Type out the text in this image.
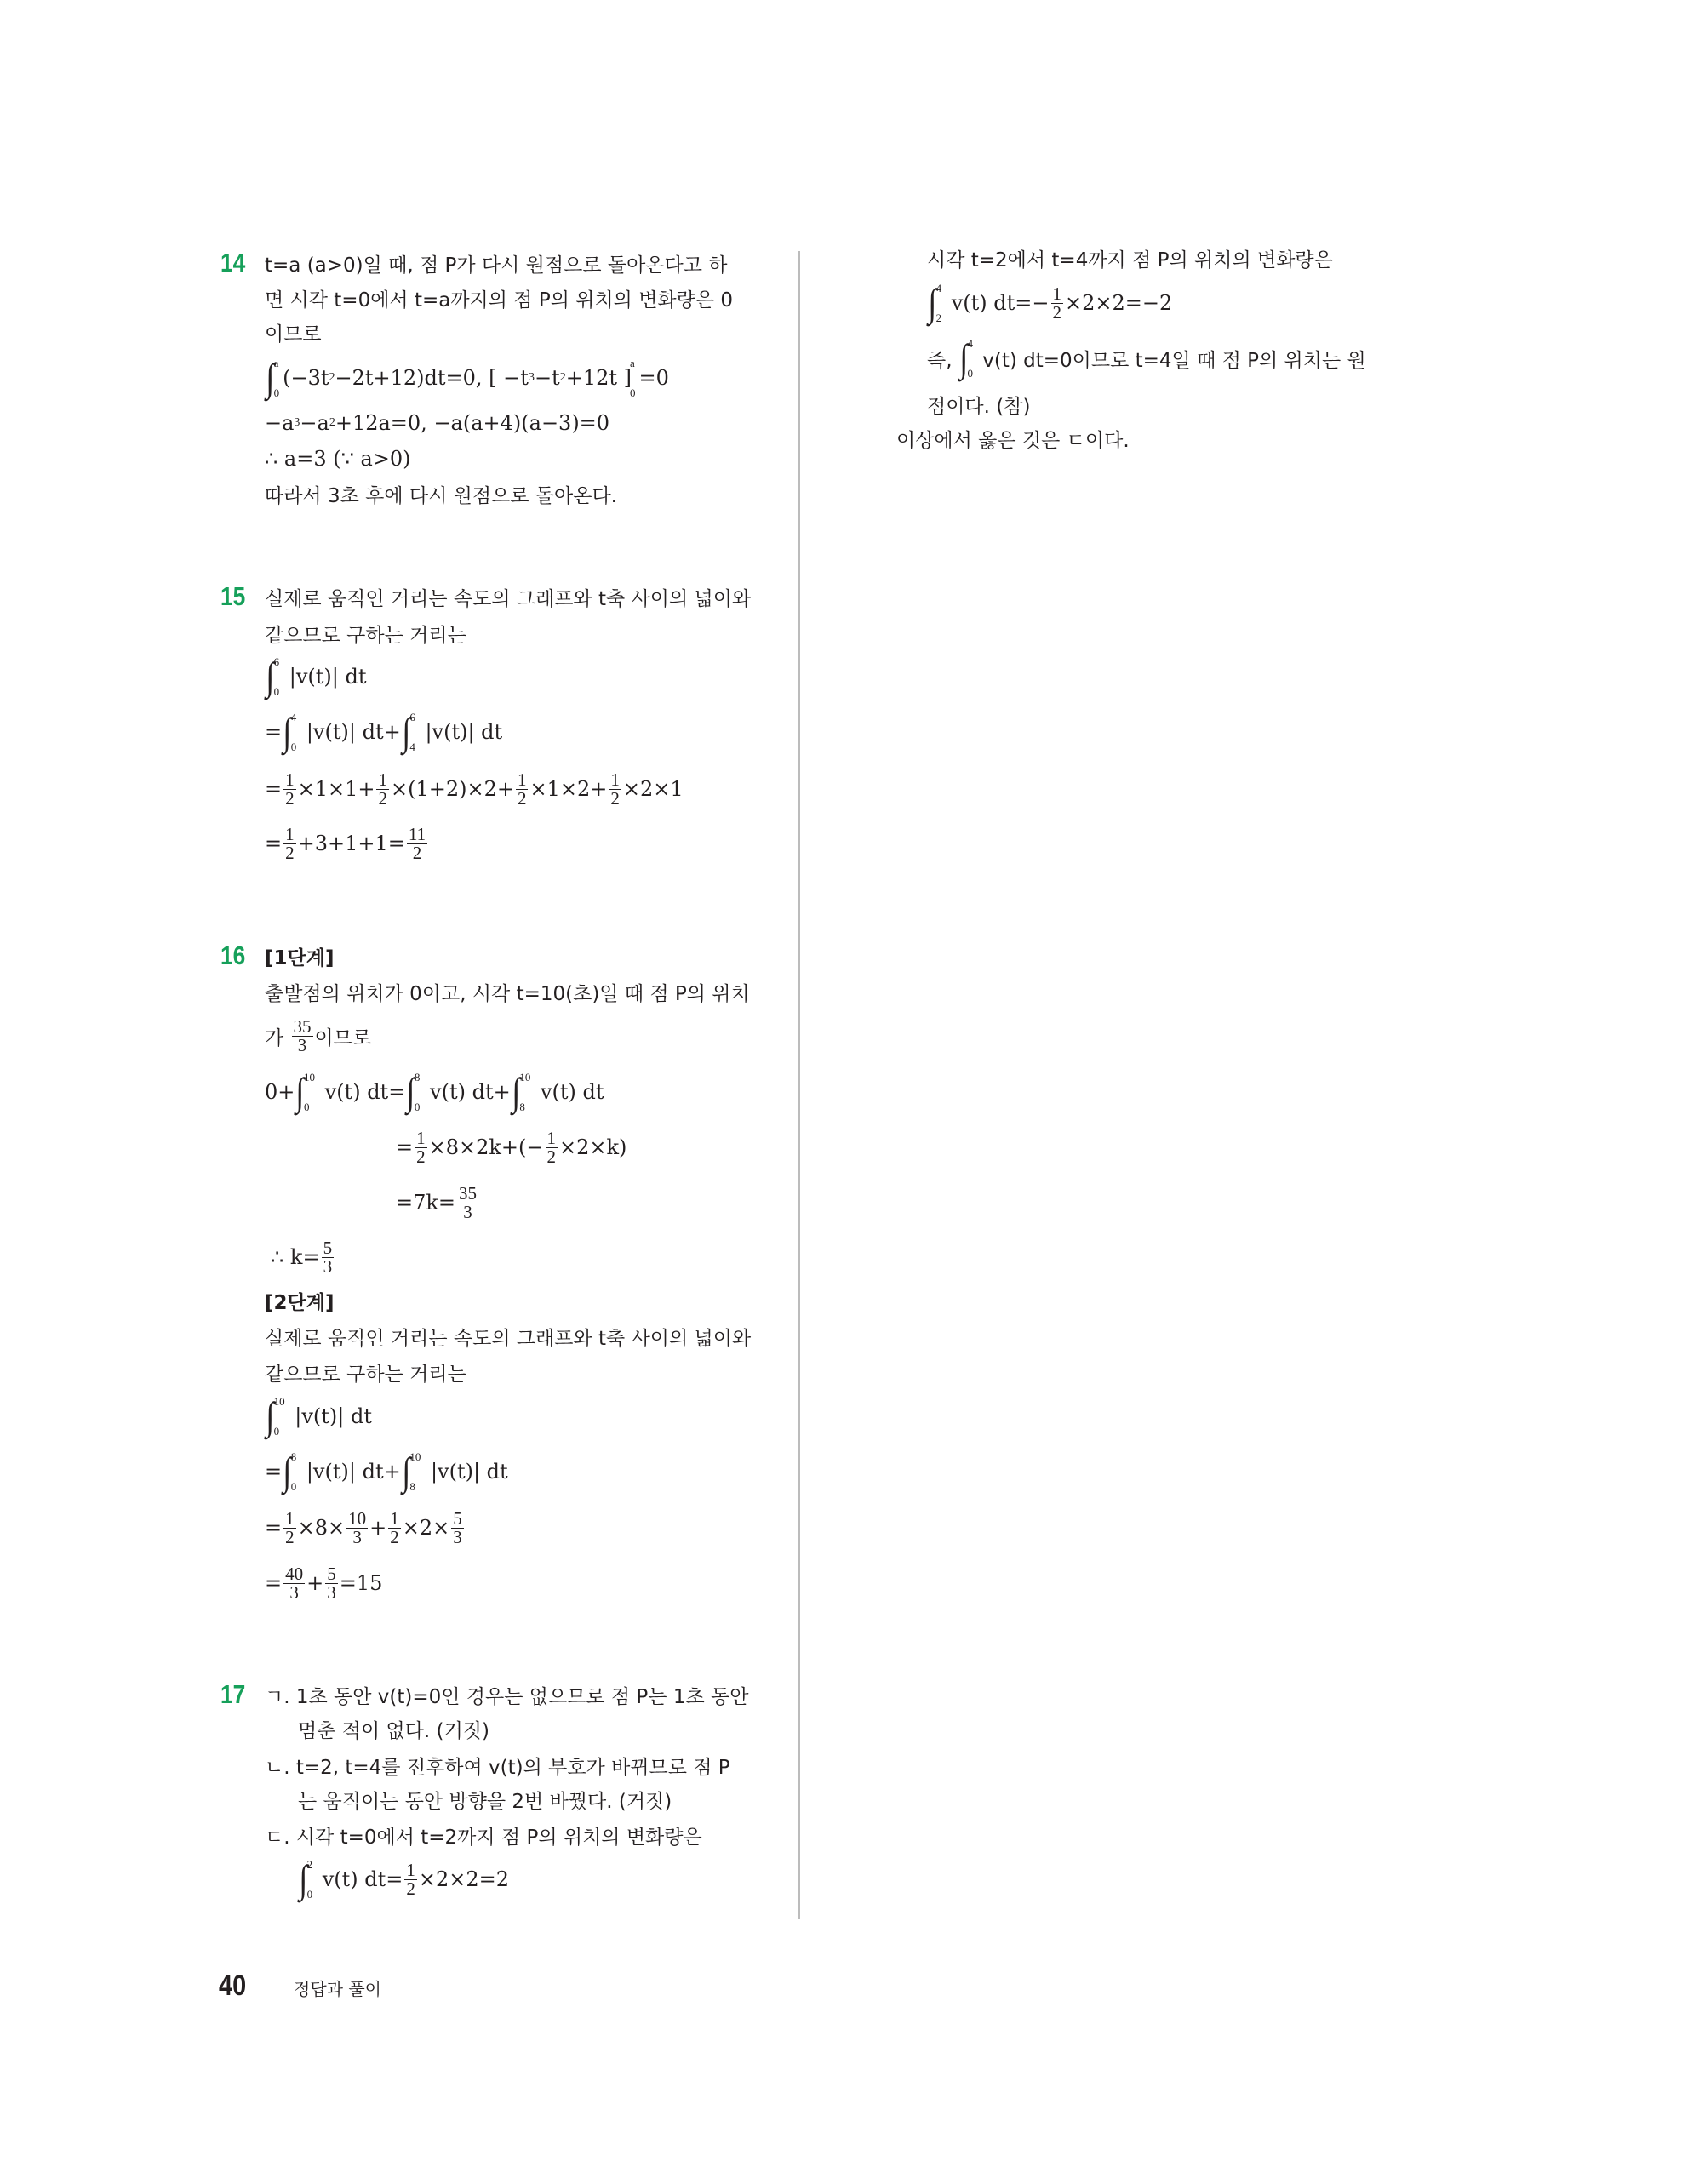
40	정답과 풀이
14 t=a (a>0)일 때, 점 P가 다시 원점으로 돌아온다고 하
면 시각 t=0에서 t=a까지의 점 P의 위치의 변화량은 0
이므로
∫ a
0
(−3t 2 −2t+12)dt=0, [ −t 3 −t 2 +12t ]
a
0
=0
−a 3 −a 2 +12a=0, −a(a+4)(a−3)=0
∴ a=3 (∵ a>0)
따라서 3초 후에 다시 원점으로 돌아온다.
15 실제로 움직인 거리는 속도의 그래프와 t축 사이의 넓이와
같으므로 구하는 거리는
∫ 6
0
|v(t)| dt
= ∫ 4
0
|v(t)| dt+ ∫ 6
4
|v(t)| dt
= $\frac{1}{2} \times 1\times 1+ \frac{1}{2} \times(1+2)\times 2+ \frac{1}{2} \times 1\times 2+ \frac{1}{2} \times 2\times 1$
= $\frac{1}{2} +3+1+1= \frac{11}{2}$
16 [1단계]
출발점의 위치가 0이고, 시각 t=10(초)일 때 점 P의 위치
가 $\frac{35}{3}$ 이므로
0+ ∫ 10
0
v(t) dt= ∫ 8
0
v(t) dt+ ∫ 10
8
v(t) dt
= $\frac{1}{2} \times 8\times 2k+(- \frac{1}{2} \times 2\times k)$
$=7k= \frac{35}{3}$
∴ $k= \frac{5}{3}$
[2단계]
실제로 움직인 거리는 속도의 그래프와 t축 사이의 넓이와
같으므로 구하는 거리는
∫ 10
0
|v(t)| dt
= ∫ 8
0
|v(t)| dt+ ∫ 10
8
|v(t)| dt
= $\frac{1}{2} \times 8\times \frac{10}{3} + \frac{1}{2} \times 2\times \frac{5}{3}$
= $\frac{40}{3} + \frac{5}{3} =15$
17 ㄱ. 1초 동안 v(t)=0인 경우는 없으므로 점 P는 1초 동안
멈춘 적이 없다. (거짓)
ㄴ. t=2, t=4를 전후하여 v(t)의 부호가 바뀌므로 점 P
는 움직이는 동안 방향을 2번 바꿨다. (거짓)
ㄷ. 시각 t=0에서 t=2까지 점 P의 위치의 변화량은
∫ 2
0
v(t) $dt= \frac{1}{2} \times 2\times 2=2$
시각 t=2에서 t=4까지 점 P의 위치의 변화량은
∫ 4
2
v(t) $dt=- \frac{1}{2} \times 2\times 2=-2$
즉, ∫ 4
0
v(t) dt=0이므로 t=4일 때 점 P의 위치는 원
점이다. (참)
이상에서 옳은 것은 ㄷ이다.
